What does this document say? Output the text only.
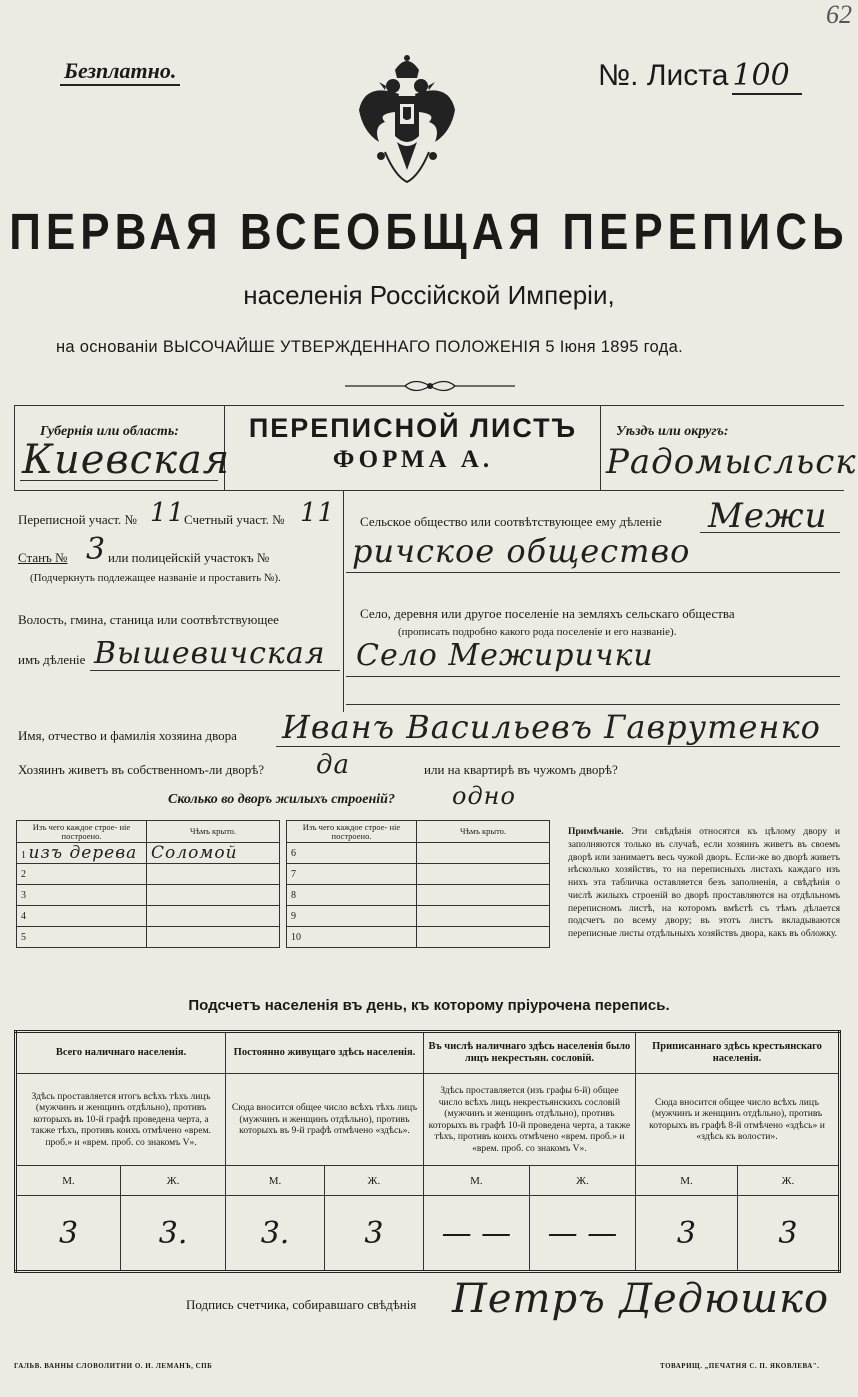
62
Безплатно.	№. Листа 100
ПЕРВАЯ ВСЕОБЩАЯ ПЕРЕПИСЬ
населенія Россійской Имперіи,
на основаніи ВЫСОЧАЙШЕ УТВЕРЖДЕННАГО ПОЛОЖЕНІЯ 5 Іюня 1895 года.
Губернія или область:
Киевская
ПЕРЕПИСНОЙ ЛИСТЪ
ФОРМА А.
Уѣздъ или округъ:
Радомысльск
Переписной участ. № 11
Счетный участ. № 11
Станъ № 3 или полицейскій участокъ №
(Подчеркнуть подлежащее названіе и проставить №).
Волость, гмина, станица или соотвѣтствующее
имъ дѣленіе Вышевичская
Сельское общество или соотвѣтствующее ему дѣленіе Межи
ричское общество
Село, деревня или другое поселеніе на земляхъ сельскаго общества
(прописать подробно какого рода поселеніе и его названіе).
Село Межирички
Имя, отчество и фамилія хозяина двора Иванъ Васильевъ Гаврутенко
Хозяинъ живетъ въ собственномъ-ли дворѣ? да	или на квартирѣ въ чужомъ дворѣ?
Сколько во дворъ жилыхъ строеній? одно
Изъ чего каждое строе- ніе построено.	Чѣмъ крыто.
1 изъ дерева	Соломой
2	
3	
4	
5	
Изъ чего каждое строе- ніе построено.	Чѣмъ крыто.
6	
7	
8	
9	
10	
Примѣчаніе. Эти свѣдѣнія относятся къ цѣлому двору и заполняются только въ случаѣ, если хозяинъ живетъ въ своемъ дворѣ или занимаетъ весь чужой дворъ. Если-же во дворѣ живетъ нѣсколько хозяйствъ, то на переписныхъ листахъ каждаго изъ нихъ эта табличка оставляется безъ заполненія, а свѣдѣнія о числѣ жилыхъ строеній во дворѣ проставляются на отдѣльномъ переписномъ листѣ, на которомъ вмѣстѣ съ тѣмъ дѣлается подсчетъ по всему двору; въ этотъ листъ вкладываются переписные листы отдѣльныхъ хозяйствъ двора, какъ въ обложку.
Подсчетъ населенія въ день, къ которому пріурочена перепись.
Всего наличнаго населенія.		Постоянно живущаго здѣсь населенія.		Въ числѣ наличнаго здѣсь населенія было лицъ некрестьян. сословій.		Приписаннаго здѣсь крестьянскаго населенія.	
Здѣсь проставляется итогъ всѣхъ тѣхъ лицъ (мужчинъ и женщинъ отдѣльно), противъ которыхъ въ 10-й графѣ проведена черта, а также тѣхъ, противъ коихъ отмѣчено «врем. проб.» и «врем. проб. со знакомъ V».		Сюда вносится общее число всѣхъ тѣхъ лицъ (мужчинъ и женщинъ отдѣльно), противъ которыхъ въ 9-й графѣ отмѣчено «здѣсь».		Здѣсь проставляется (изъ графы 6-й) общее число всѣхъ лицъ некрестьянскихъ сословій (мужчинъ и женщинъ отдѣльно), противъ которыхъ въ графѣ 10-й проведена черта, а также тѣхъ, противъ коихъ отмѣчено «врем. проб.» и «врем. проб. со знакомъ V».		Сюда вносится общее число всѣхъ лицъ (мужчинъ и женщинъ отдѣльно), противъ которыхъ въ графѣ 8-й отмѣчено «здѣсь» и «здѣсь къ волости».	
М.	Ж.	М.	Ж.	М.	Ж.	М.	Ж.
3	3.	3.	3	— —	— —	3	3
Подпись счетчика, собиравшаго свѣдѣнія Петръ Дедюшко
ГАЛЬВ. ВАННЫ СЛОВОЛИТНИ О. И. ЛЕМАНЪ, СПБ	ТОВАРИЩ. „ПЕЧАТНЯ С. П. ЯКОВЛЕВА".
